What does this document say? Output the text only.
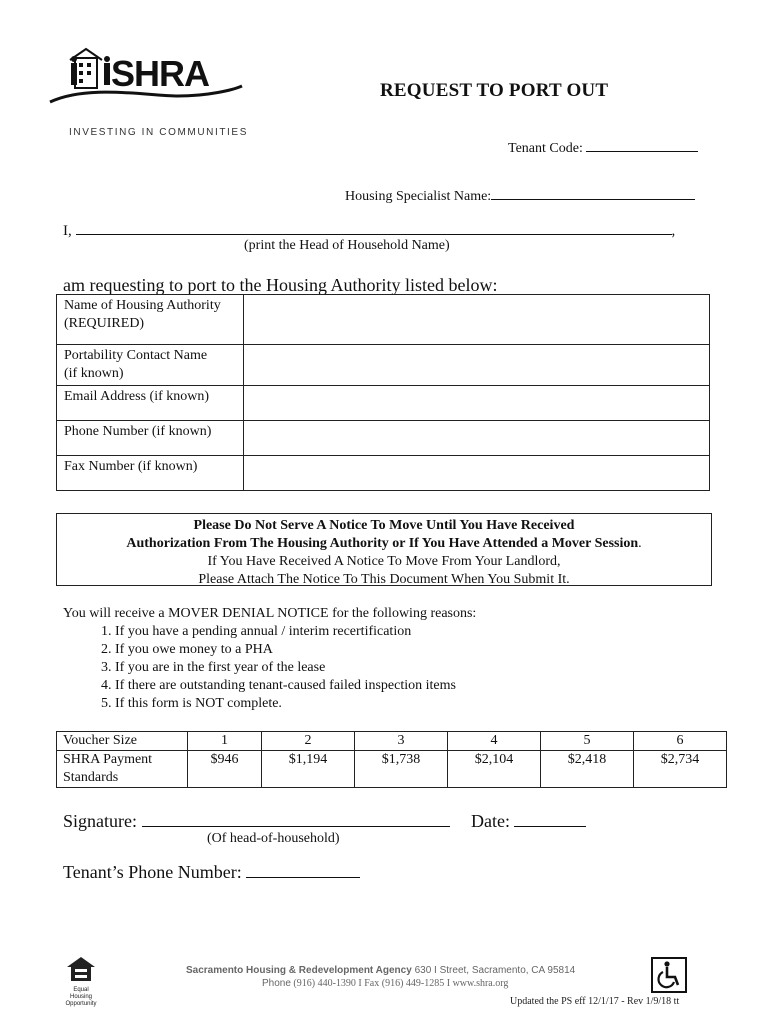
SHRA
INVESTING IN COMMUNITIES
REQUEST TO PORT OUT
Tenant Code:
Housing Specialist Name:
I,	,
(print the Head of Household Name)
am requesting to port to the Housing Authority listed below:
Name of Housing Authority
(REQUIRED)	

Portability Contact Name
(if known)	

Email Address (if known)	

Phone Number (if known)	

Fax Number (if known)	

Please Do Not Serve A Notice To Move Until You Have Received
Authorization From The Housing Authority or If You Have Attended a Mover Session.
If You Have Received A Notice To Move From Your Landlord,
Please Attach The Notice To This Document When You Submit It.
You will receive a MOVER DENIAL NOTICE for the following reasons:
1. If you have a pending annual / interim recertification
2. If you owe money to a PHA
3. If you are in the first year of the lease
4. If there are outstanding tenant-caused failed inspection items
5. If this form is NOT complete.
Voucher Size	1	2	3	4	5	6

SHRA Payment
Standards	$946	$1,194	$1,738	$2,104	$2,418	$2,734
Signature:
(Of head-of-household)
Date:
Tenant’s Phone Number:
Equal Housing
Opportunity
Sacramento Housing & Redevelopment Agency 630 I Street, Sacramento, CA 95814
Phone (916) 440-1390 I Fax (916) 449-1285 I www.shra.org
Updated the PS eff 12/1/17 - Rev 1/9/18 tt
